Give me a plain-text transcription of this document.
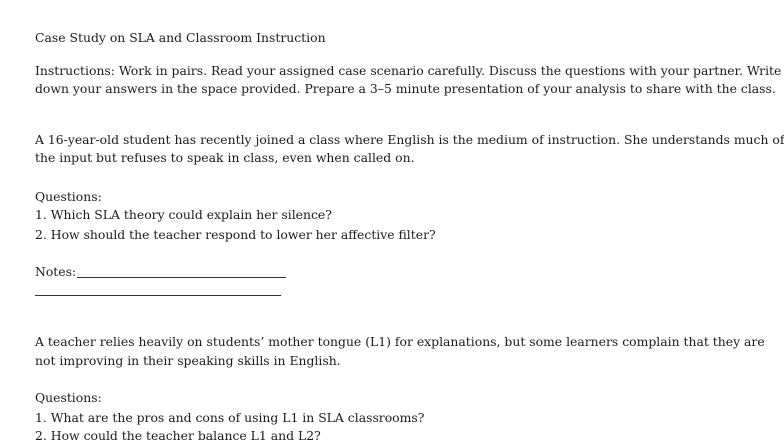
Case Study on SLA and Classroom Instruction
Instructions: Work in pairs. Read your assigned case scenario carefully. Discuss the questions with your partner. Write
down your answers in the space provided. Prepare a 3–5 minute presentation of your analysis to share with the class.
A 16-year-old student has recently joined a class where English is the medium of instruction. She understands much of
the input but refuses to speak in class, even when called on.
Questions:
1. Which SLA theory could explain her silence?
2. How should the teacher respond to lower her affective filter?
Notes:
A teacher relies heavily on students’ mother tongue (L1) for explanations, but some learners complain that they are
not improving in their speaking skills in English.
Questions:
1. What are the pros and cons of using L1 in SLA classrooms?
2. How could the teacher balance L1 and L2?
